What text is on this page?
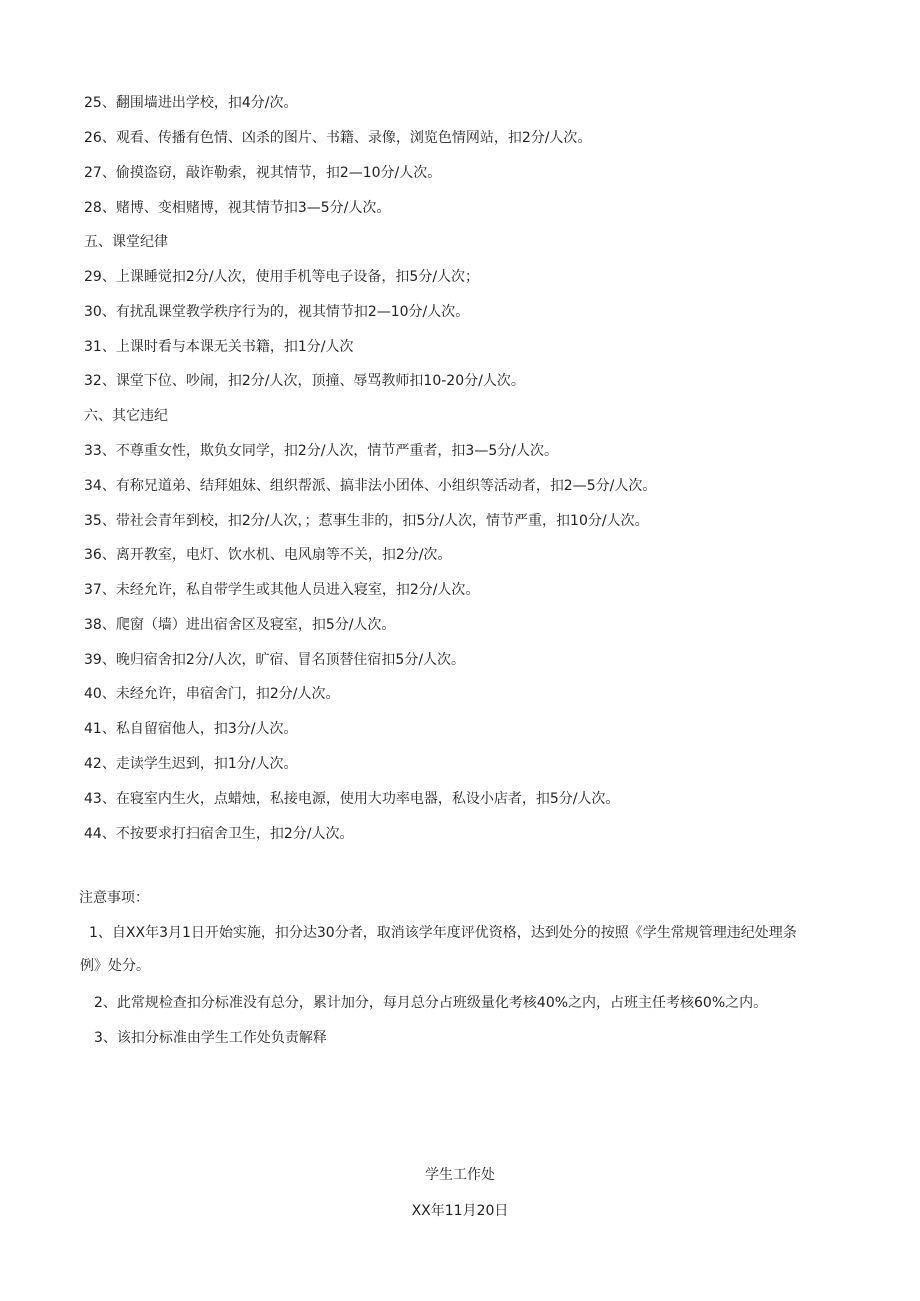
25、翻围墙进出学校，扣4分/次。
26、观看、传播有色情、凶杀的图片、书籍、录像，浏览色情网站，扣2分/人次。
27、偷摸盗窃，敲诈勒索，视其情节，扣2—10分/人次。
28、赌博、变相赌博，视其情节扣3—5分/人次。
五、课堂纪律
29、上课睡觉扣2分/人次，使用手机等电子设备，扣5分/人次；
30、有扰乱课堂教学秩序行为的，视其情节扣2—10分/人次。
31、上课时看与本课无关书籍，扣1分/人次
32、课堂下位、吵闹，扣2分/人次，顶撞、辱骂教师扣10-20分/人次。
六、其它违纪
33、不尊重女性，欺负女同学，扣2分/人次，情节严重者，扣3—5分/人次。
34、有称兄道弟、结拜姐妹、组织帮派、搞非法小团体、小组织等活动者，扣2—5分/人次。
35、带社会青年到校，扣2分/人次，；惹事生非的，扣5分/人次，情节严重，扣10分/人次。
36、离开教室，电灯、饮水机、电风扇等不关，扣2分/次。
37、未经允许，私自带学生或其他人员进入寝室，扣2分/人次。
38、爬窗（墙）进出宿舍区及寝室，扣5分/人次。
39、晚归宿舍扣2分/人次，旷宿、冒名顶替住宿扣5分/人次。
40、未经允许，串宿舍门，扣2分/人次。
41、私自留宿他人，扣3分/人次。
42、走读学生迟到，扣1分/人次。
43、在寝室内生火，点蜡烛，私接电源，使用大功率电器，私设小店者，扣5分/人次。
44、不按要求打扫宿舍卫生，扣2分/人次。
注意事项：
1、自XX年3月1日开始实施，扣分达30分者，取消该学年度评优资格，达到处分的按照《学生常规管理违纪处理条
例》处分。
2、此常规检查扣分标准没有总分，累计加分，每月总分占班级量化考核40%之内，占班主任考核60%之内。
3、该扣分标准由学生工作处负责解释
学生工作处
XX年11月20日
